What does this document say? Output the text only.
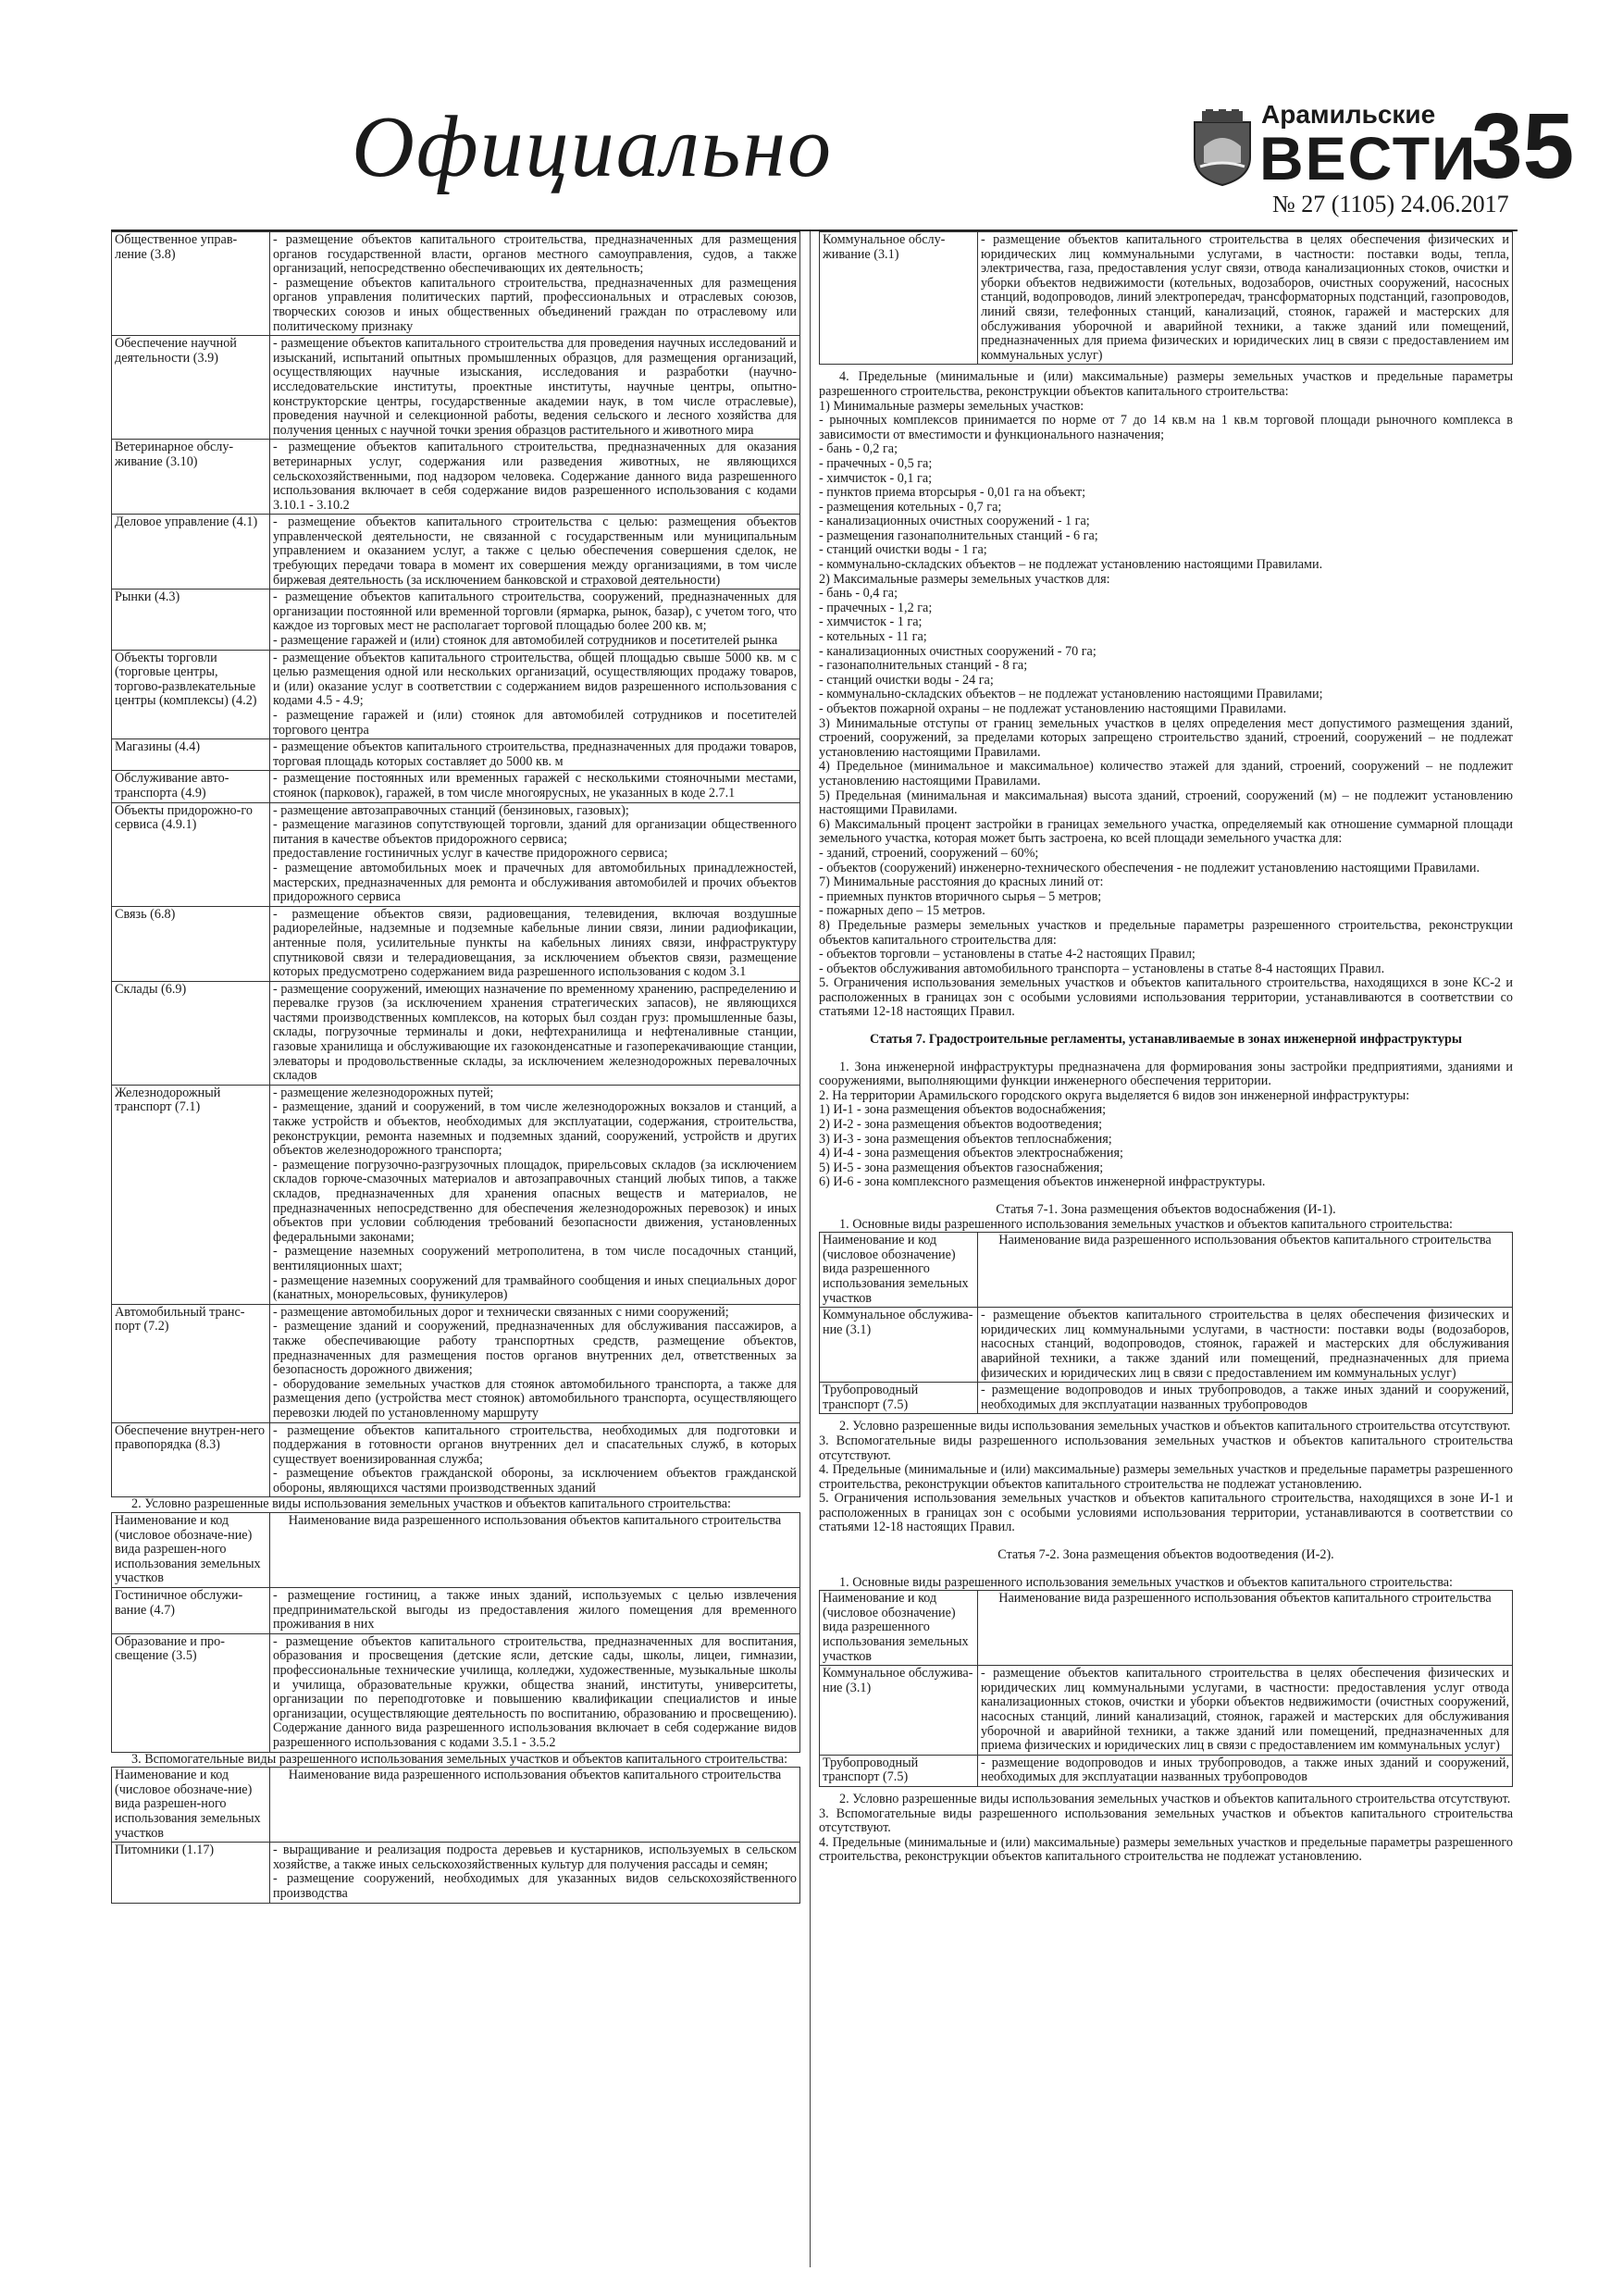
Официально	Арамильские
ВЕСТИ
35
№ 27 (1105) 24.06.2017
Общественное управ-ление (3.8)	- размещение объектов капитального строительства, предназначенных для размещения органов государственной власти, органов местного самоуправления, судов, а также организаций, непосредственно обеспечивающих их деятельность;
- размещение объектов капитального строительства, предназначенных для размещения органов управления политических партий, профессиональных и отраслевых союзов, творческих союзов и иных общественных объединений граждан по отраслевому или политическому признаку
Обеспечение научной деятельности (3.9)	- размещение объектов капитального строительства для проведения научных исследований и изысканий, испытаний опытных промышленных образцов, для размещения организаций, осуществляющих научные изыскания, исследования и разработки (научно-исследовательские институты, проектные институты, научные центры, опытно-конструкторские центры, государственные академии наук, в том числе отраслевые), проведения научной и селекционной работы, ведения сельского и лесного хозяйства для получения ценных с научной точки зрения образцов растительного и животного мира
Ветеринарное обслу-живание (3.10)	- размещение объектов капитального строительства, предназначенных для оказания ветеринарных услуг, содержания или разведения животных, не являющихся сельскохозяйственными, под надзором человека. Содержание данного вида разрешенного использования включает в себя содержание видов разрешенного использования с кодами 3.10.1 - 3.10.2
Деловое управление (4.1)	- размещение объектов капитального строительства с целью: размещения объектов управленческой деятельности, не связанной с государственным или муниципальным управлением и оказанием услуг, а также с целью обеспечения совершения сделок, не требующих передачи товара в момент их совершения между организациями, в том числе биржевая деятельность (за исключением банковской и страховой деятельности)
Рынки (4.3)	- размещение объектов капитального строительства, сооружений, предназначенных для организации постоянной или временной торговли (ярмарка, рынок, базар), с учетом того, что каждое из торговых мест не располагает торговой площадью более 200 кв. м;
- размещение гаражей и (или) стоянок для автомобилей сотрудников и посетителей рынка
Объекты торговли (торговые центры, торгово-развлекательные центры (комплексы) (4.2)	- размещение объектов капитального строительства, общей площадью свыше 5000 кв. м с целью размещения одной или нескольких организаций, осуществляющих продажу товаров, и (или) оказание услуг в соответствии с содержанием видов разрешенного использования с кодами 4.5 - 4.9;
- размещение гаражей и (или) стоянок для автомобилей сотрудников и посетителей торгового центра
Магазины (4.4)	- размещение объектов капитального строительства, предназначенных для продажи товаров, торговая площадь которых составляет до 5000 кв. м
Обслуживание авто-транспорта (4.9)	- размещение постоянных или временных гаражей с несколькими стояночными местами, стоянок (парковок), гаражей, в том числе многоярусных, не указанных в коде 2.7.1
Объекты придорожно-го сервиса (4.9.1)	- размещение автозаправочных станций (бензиновых, газовых);
- размещение магазинов сопутствующей торговли, зданий для организации общественного питания в качестве объектов придорожного сервиса;
предоставление гостиничных услуг в качестве придорожного сервиса;
- размещение автомобильных моек и прачечных для автомобильных принадлежностей, мастерских, предназначенных для ремонта и обслуживания автомобилей и прочих объектов придорожного сервиса
Связь (6.8)	- размещение объектов связи, радиовещания, телевидения, включая воздушные радиорелейные, надземные и подземные кабельные линии связи, линии радиофикации, антенные поля, усилительные пункты на кабельных линиях связи, инфраструктуру спутниковой связи и телерадиовещания, за исключением объектов связи, размещение которых предусмотрено содержанием вида разрешенного использования с кодом 3.1
Склады (6.9)	- размещение сооружений, имеющих назначение по временному хранению, распределению и перевалке грузов (за исключением хранения стратегических запасов), не являющихся частями производственных комплексов, на которых был создан груз: промышленные базы, склады, погрузочные терминалы и доки, нефтехранилища и нефтеналивные станции, газовые хранилища и обслуживающие их газоконденсатные и газоперекачивающие станции, элеваторы и продовольственные склады, за исключением железнодорожных перевалочных складов
Железнодорожный транспорт (7.1)	- размещение железнодорожных путей;
- размещение, зданий и сооружений, в том числе железнодорожных вокзалов и станций, а также устройств и объектов, необходимых для эксплуатации, содержания, строительства, реконструкции, ремонта наземных и подземных зданий, сооружений, устройств и других объектов железнодорожного транспорта;
- размещение погрузочно-разгрузочных площадок, прирельсовых складов (за исключением складов горюче-смазочных материалов и автозаправочных станций любых типов, а также складов, предназначенных для хранения опасных веществ и материалов, не предназначенных непосредственно для обеспечения железнодорожных перевозок) и иных объектов при условии соблюдения требований безопасности движения, установленных федеральными законами;
- размещение наземных сооружений метрополитена, в том числе посадочных станций, вентиляционных шахт;
- размещение наземных сооружений для трамвайного сообщения и иных специальных дорог (канатных, монорельсовых, фуникулеров)
Автомобильный транс-порт (7.2)	- размещение автомобильных дорог и технически связанных с ними сооружений;
- размещение зданий и сооружений, предназначенных для обслуживания пассажиров, а также обеспечивающие работу транспортных средств, размещение объектов, предназначенных для размещения постов органов внутренних дел, ответственных за безопасность дорожного движения;
- оборудование земельных участков для стоянок автомобильного транспорта, а также для размещения депо (устройства мест стоянок) автомобильного транспорта, осуществляющего перевозки людей по установленному маршруту
Обеспечение внутрен-него правопорядка (8.3)	- размещение объектов капитального строительства, необходимых для подготовки и поддержания в готовности органов внутренних дел и спасательных служб, в которых существует военизированная служба;
- размещение объектов гражданской обороны, за исключением объектов гражданской обороны, являющихся частями производственных зданий

2. Условно разрешенные виды использования земельных участков и объектов капитального строительства:

Наименование и код (числовое обозначе-ние) вида разрешен-ного использования земельных участков	Наименование вида разрешенного использования объектов капитального строительства
Гостиничное обслужи-вание (4.7)	- размещение гостиниц, а также иных зданий, используемых с целью извлечения предпринимательской выгоды из предоставления жилого помещения для временного проживания в них
Образование и про-свещение (3.5)	- размещение объектов капитального строительства, предназначенных для воспитания, образования и просвещения (детские ясли, детские сады, школы, лицеи, гимназии, профессиональные технические училища, колледжи, художественные, музыкальные школы и училища, образовательные кружки, общества знаний, институты, университеты, организации по переподготовке и повышению квалификации специалистов и иные организации, осуществляющие деятельность по воспитанию, образованию и просвещению). Содержание данного вида разрешенного использования включает в себя содержание видов разрешенного использования с кодами 3.5.1 - 3.5.2

3. Вспомогательные виды разрешенного использования земельных участков и объектов капитального строительства:

Наименование и код (числовое обозначе-ние) вида разрешен-ного использования земельных участков	Наименование вида разрешенного использования объектов капитального строительства
Питомники (1.17)	- выращивание и реализация подроста деревьев и кустарников, используемых в сельском хозяйстве, а также иных сельскохозяйственных культур для получения рассады и семян;
- размещение сооружений, необходимых для указанных видов сельскохозяйственного производства
Коммунальное обслу-живание (3.1)	- размещение объектов капитального строительства в целях обеспечения физических и юридических лиц коммунальными услугами, в частности: поставки воды, тепла, электричества, газа, предоставления услуг связи, отвода канализационных стоков, очистки и уборки объектов недвижимости (котельных, водозаборов, очистных сооружений, насосных станций, водопроводов, линий электропередач, трансформаторных подстанций, газопроводов, линий связи, телефонных станций, канализаций, стоянок, гаражей и мастерских для обслуживания уборочной и аварийной техники, а также зданий или помещений, предназначенных для приема физических и юридических лиц в связи с предоставлением им коммунальных услуг)

4. Предельные (минимальные и (или) максимальные) размеры земельных участков и предельные параметры разрешенного строительства, реконструкции объектов капитального строительства:
1) Минимальные размеры земельных участков:
- рыночных комплексов принимается по норме от 7 до 14 кв.м на 1 кв.м торговой площади рыночного комплекса в зависимости от вместимости и функционального назначения;
- бань - 0,2 га;
- прачечных - 0,5 га;
- химчисток - 0,1 га;
- пунктов приема вторсырья - 0,01 га на объект;
- размещения котельных - 0,7 га;
- канализационных очистных сооружений - 1 га;
- размещения газонаполнительных станций - 6 га;
- станций очистки воды - 1 га;
- коммунально-складских объектов – не подлежат установлению настоящими Правилами.
2) Максимальные размеры земельных участков для:
- бань - 0,4 га;
- прачечных - 1,2 га;
- химчисток - 1 га;
- котельных - 11 га;
- канализационных очистных сооружений - 70 га;
- газонаполнительных станций - 8 га;
- станций очистки воды - 24 га;
- коммунально-складских объектов – не подлежат установлению настоящими Правилами;
- объектов пожарной охраны – не подлежат установлению настоящими Правилами.
3) Минимальные отступы от границ земельных участков в целях определения мест допустимого размещения зданий, строений, сооружений, за пределами которых запрещено строительство зданий, строений, сооружений – не подлежат установлению настоящими Правилами.
4) Предельное (минимальное и максимальное) количество этажей для зданий, строений, сооружений – не подлежит установлению настоящими Правилами.
5) Предельная (минимальная и максимальная) высота зданий, строений, сооружений (м) – не подлежит установлению настоящими Правилами.
6) Максимальный процент застройки в границах земельного участка, определяемый как отношение суммарной площади земельного участка, которая может быть застроена, ко всей площади земельного участка для:
- зданий, строений, сооружений – 60%;
- объектов (сооружений) инженерно-технического обеспечения - не подлежит установлению настоящими Правилами.
7) Минимальные расстояния до красных линий от:
- приемных пунктов вторичного сырья – 5 метров;
- пожарных депо – 15 метров.
8) Предельные размеры земельных участков и предельные параметры разрешенного строительства, реконструкции объектов капитального строительства для:
- объектов торговли – установлены в статье 4-2 настоящих Правил;
- объектов обслуживания автомобильного транспорта – установлены в статье 8-4 настоящих Правил.
5. Ограничения использования земельных участков и объектов капитального строительства, находящихся в зоне КС-2 и расположенных в границах зон с особыми условиями использования территории, устанавливаются в соответствии со статьями 12-18 настоящих Правил.

Статья 7. Градостроительные регламенты, устанавливаемые в зонах инженерной инфраструктуры

1. Зона инженерной инфраструктуры предназначена для формирования зоны застройки предприятиями, зданиями и сооружениями, выполняющими функции инженерного обеспечения территории.
2. На территории Арамильского городского округа выделяется 6 видов зон инженерной инфраструктуры:
1) И-1 - зона размещения объектов водоснабжения;
2) И-2 - зона размещения объектов водоотведения;
3) И-3 - зона размещения объектов теплоснабжения;
4) И-4 - зона размещения объектов электроснабжения;
5) И-5 - зона размещения объектов газоснабжения;
6) И-6 - зона комплексного размещения объектов инженерной инфраструктуры.

Статья 7-1. Зона размещения объектов водоснабжения (И-1).

1. Основные виды разрешенного использования земельных участков и объектов капитального строительства:

Наименование и код (числовое обозначение) вида разрешенного использования земельных участков	Наименование вида разрешенного использования объектов капитального строительства
Коммунальное обслужива-ние (3.1)	- размещение объектов капитального строительства в целях обеспечения физических и юридических лиц коммунальными услугами, в частности: поставки воды (водозаборов, насосных станций, водопроводов, стоянок, гаражей и мастерских для обслуживания аварийной техники, а также зданий или помещений, предназначенных для приема физических и юридических лиц в связи с предоставлением им коммунальных услуг)
Трубопроводный транспорт (7.5)	- размещение водопроводов и иных трубопроводов, а также иных зданий и сооружений, необходимых для эксплуатации названных трубопроводов

2. Условно разрешенные виды использования земельных участков и объектов капитального строительства отсутствуют.
3. Вспомогательные виды разрешенного использования земельных участков и объектов капитального строительства отсутствуют.
4. Предельные (минимальные и (или) максимальные) размеры земельных участков и предельные параметры разрешенного строительства, реконструкции объектов капитального строительства не подлежат установлению.
5. Ограничения использования земельных участков и объектов капитального строительства, находящихся в зоне И-1 и расположенных в границах зон с особыми условиями использования территории, устанавливаются в соответствии со статьями 12-18 настоящих Правил.

Статья 7-2. Зона размещения объектов водоотведения (И-2).

1. Основные виды разрешенного использования земельных участков и объектов капитального строительства:

Наименование и код (числовое обозначение) вида разрешенного использования земельных участков	Наименование вида разрешенного использования объектов капитального строительства
Коммунальное обслужива-ние (3.1)	- размещение объектов капитального строительства в целях обеспечения физических и юридических лиц коммунальными услугами, в частности: предоставления услуг отвода канализационных стоков, очистки и уборки объектов недвижимости (очистных сооружений, насосных станций, линий канализаций, стоянок, гаражей и мастерских для обслуживания уборочной и аварийной техники, а также зданий или помещений, предназначенных для приема физических и юридических лиц в связи с предоставлением им коммунальных услуг)
Трубопроводный транспорт (7.5)	- размещение водопроводов и иных трубопроводов, а также иных зданий и сооружений, необходимых для эксплуатации названных трубопроводов

2. Условно разрешенные виды использования земельных участков и объектов капитального строительства отсутствуют.
3. Вспомогательные виды разрешенного использования земельных участков и объектов капитального строительства отсутствуют.
4. Предельные (минимальные и (или) максимальные) размеры земельных участков и предельные параметры разрешенного строительства, реконструкции объектов капитального строительства не подлежат установлению.
